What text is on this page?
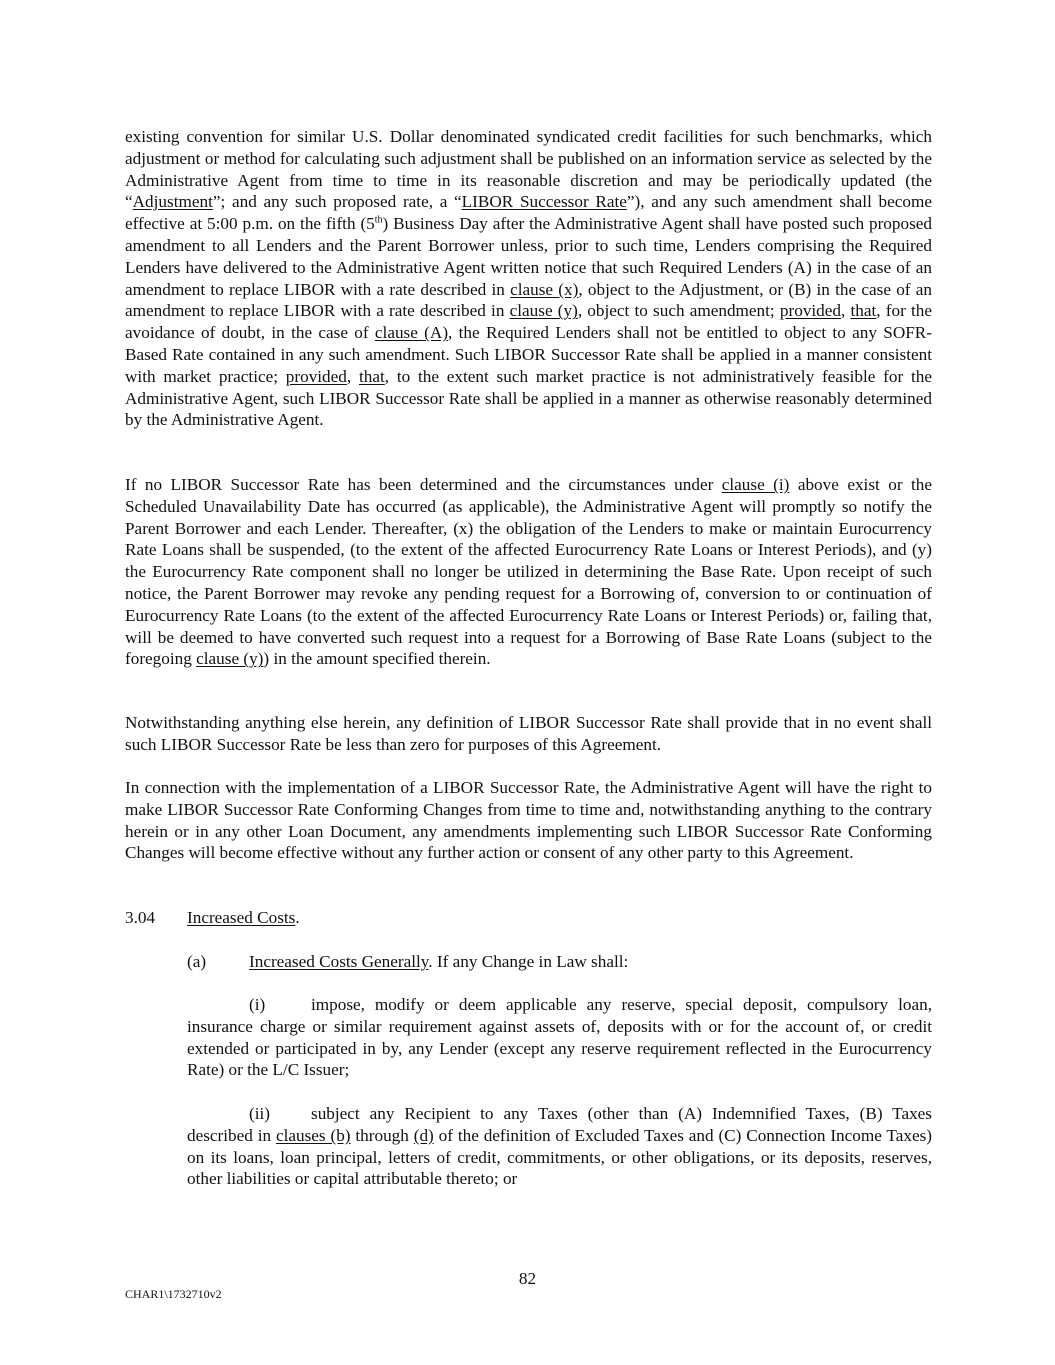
existing convention for similar U.S. Dollar denominated syndicated credit facilities for such benchmarks, which adjustment or method for calculating such adjustment shall be published on an information service as selected by the Administrative Agent from time to time in its reasonable discretion and may be periodically updated (the “Adjustment”; and any such proposed rate, a “LIBOR Successor Rate”), and any such amendment shall become effective at 5:00 p.m. on the fifth (5th) Business Day after the Administrative Agent shall have posted such proposed amendment to all Lenders and the Parent Borrower unless, prior to such time, Lenders comprising the Required Lenders have delivered to the Administrative Agent written notice that such Required Lenders (A) in the case of an amendment to replace LIBOR with a rate described in clause (x), object to the Adjustment, or (B) in the case of an amendment to replace LIBOR with a rate described in clause (y), object to such amendment; provided, that, for the avoidance of doubt, in the case of clause (A), the Required Lenders shall not be entitled to object to any SOFR-Based Rate contained in any such amendment. Such LIBOR Successor Rate shall be applied in a manner consistent with market practice; provided, that, to the extent such market practice is not administratively feasible for the Administrative Agent, such LIBOR Successor Rate shall be applied in a manner as otherwise reasonably determined by the Administrative Agent.

If no LIBOR Successor Rate has been determined and the circumstances under clause (i) above exist or the Scheduled Unavailability Date has occurred (as applicable), the Administrative Agent will promptly so notify the Parent Borrower and each Lender. Thereafter, (x) the obligation of the Lenders to make or maintain Eurocurrency Rate Loans shall be suspended, (to the extent of the affected Eurocurrency Rate Loans or Interest Periods), and (y) the Eurocurrency Rate component shall no longer be utilized in determining the Base Rate. Upon receipt of such notice, the Parent Borrower may revoke any pending request for a Borrowing of, conversion to or continuation of Eurocurrency Rate Loans (to the extent of the affected Eurocurrency Rate Loans or Interest Periods) or, failing that, will be deemed to have converted such request into a request for a Borrowing of Base Rate Loans (subject to the foregoing clause (y)) in the amount specified therein.

Notwithstanding anything else herein, any definition of LIBOR Successor Rate shall provide that in no event shall such LIBOR Successor Rate be less than zero for purposes of this Agreement.

In connection with the implementation of a LIBOR Successor Rate, the Administrative Agent will have the right to make LIBOR Successor Rate Conforming Changes from time to time and, notwithstanding anything to the contrary herein or in any other Loan Document, any amendments implementing such LIBOR Successor Rate Conforming Changes will become effective without any further action or consent of any other party to this Agreement.

3.04 Increased Costs.
(a) Increased Costs Generally. If any Change in Law shall:

(i)	impose, modify or deem applicable any reserve, special deposit, compulsory loan, insurance charge or similar requirement against assets of, deposits with or for the account of, or credit extended or participated in by, any Lender (except any reserve requirement reflected in the Eurocurrency Rate) or the L/C Issuer;

(ii) subject any Recipient to any Taxes (other than (A) Indemnified Taxes, (B) Taxes described in clauses (b) through (d) of the definition of Excluded Taxes and (C) Connection Income Taxes) on its loans, loan principal, letters of credit, commitments, or other obligations, or its deposits, reserves, other liabilities or capital attributable thereto; or

82
CHAR1\1732710v2
